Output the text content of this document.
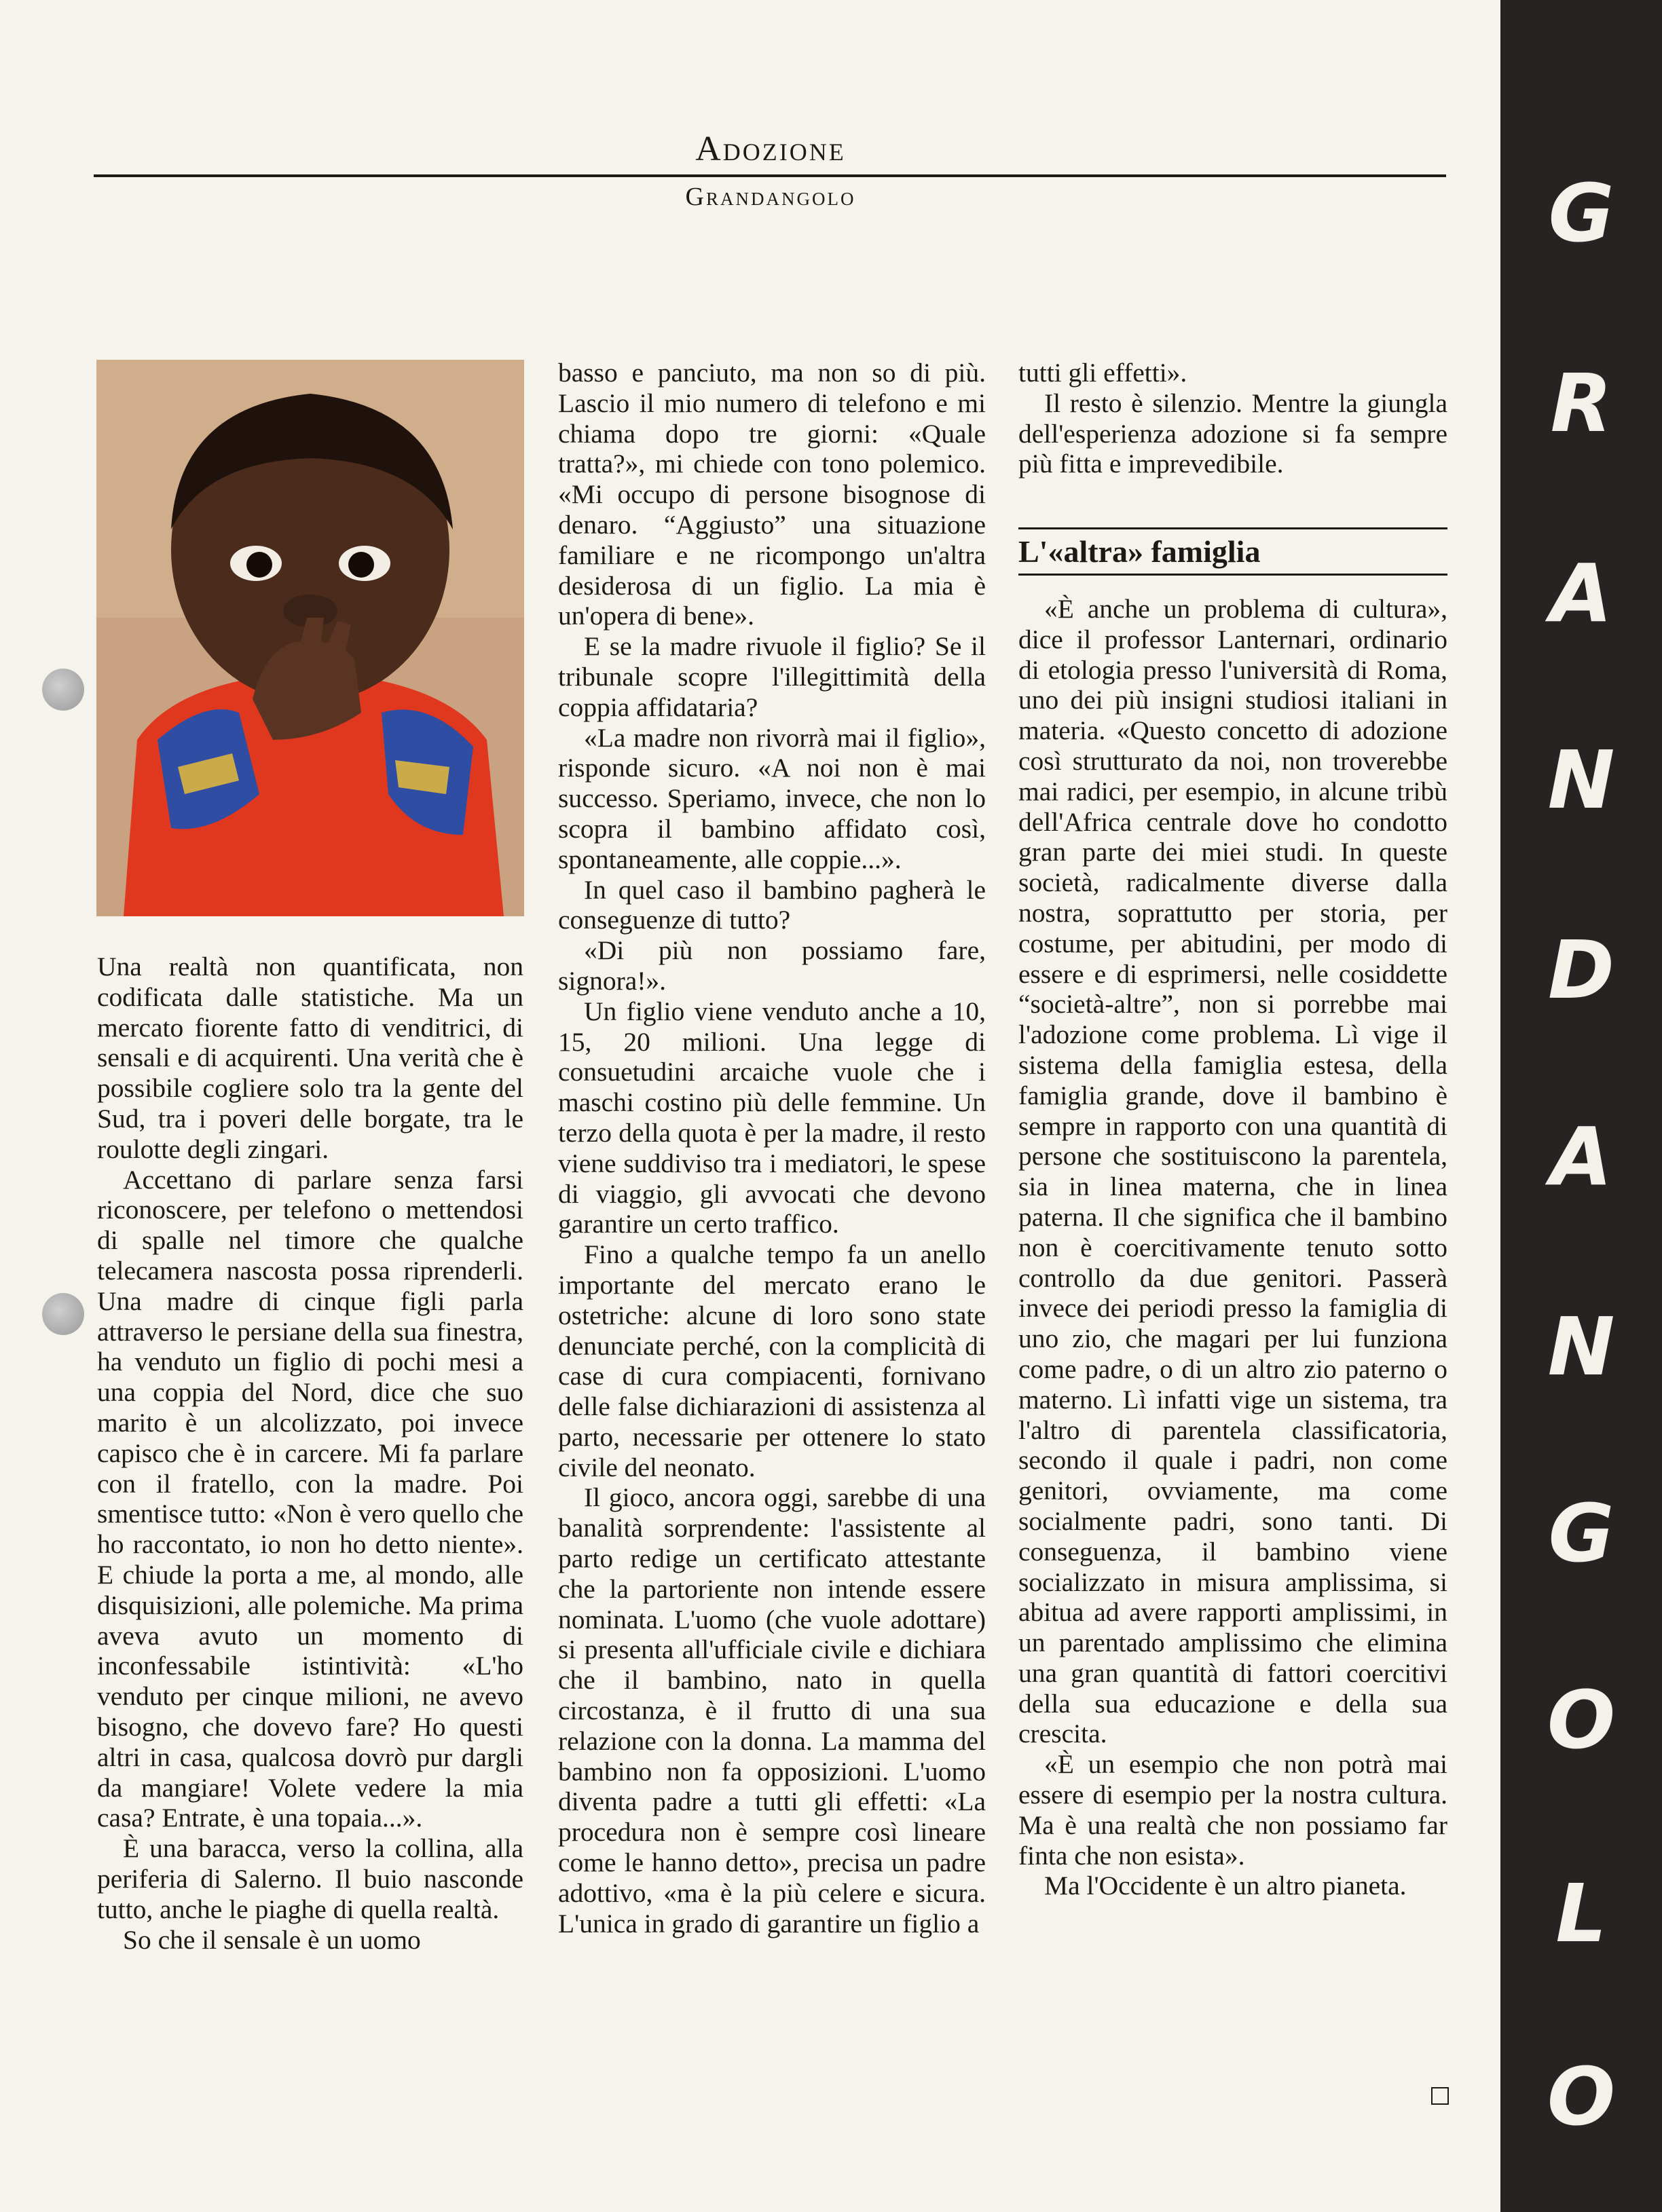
Adozione
Grandangolo

Una realtà non quantificata, non codificata dalle statistiche. Ma un mercato fiorente fatto di venditrici, di sensali e di acquirenti. Una verità che è possibile cogliere solo tra la gente del Sud, tra i poveri delle borgate, tra le roulotte degli zingari.

Accettano di parlare senza farsi riconoscere, per telefono o mettendosi di spalle nel timore che qualche telecamera nascosta possa riprenderli. Una madre di cinque figli parla attraverso le persiane della sua finestra, ha venduto un figlio di pochi mesi a una coppia del Nord, dice che suo marito è un alcolizzato, poi invece capisco che è in carcere. Mi fa parlare con il fratello, con la madre. Poi smentisce tutto: «Non è vero quello che ho raccontato, io non ho detto niente». E chiude la porta a me, al mondo, alle disquisizioni, alle polemiche. Ma prima aveva avuto un momento di inconfessabile istintività: «L'ho venduto per cinque milioni, ne avevo bisogno, che dovevo fare? Ho questi altri in casa, qualcosa dovrò pur dargli da mangiare! Volete vedere la mia casa? Entrate, è una topaia...».

È una baracca, verso la collina, alla periferia di Salerno. Il buio nasconde tutto, anche le piaghe di quella realtà.

So che il sensale è un uomo

basso e panciuto, ma non so di più. Lascio il mio numero di telefono e mi chiama dopo tre giorni: «Quale tratta?», mi chiede con tono polemico. «Mi occupo di persone bisognose di denaro. “Aggiusto” una situazione familiare e ne ricompongo un'altra desiderosa di un figlio. La mia è un'opera di bene».

E se la madre rivuole il figlio? Se il tribunale scopre l'illegittimità della coppia affidataria?

«La madre non rivorrà mai il figlio», risponde sicuro. «A noi non è mai successo. Speriamo, invece, che non lo scopra il bambino affidato così, spontaneamente, alle coppie...».

In quel caso il bambino pagherà le conseguenze di tutto?

«Di più non possiamo fare, signora!».

Un figlio viene venduto anche a 10, 15, 20 milioni. Una legge di consuetudini arcaiche vuole che i maschi costino più delle femmine. Un terzo della quota è per la madre, il resto viene suddiviso tra i mediatori, le spese di viaggio, gli avvocati che devono garantire un certo traffico.

Fino a qualche tempo fa un anello importante del mercato erano le ostetriche: alcune di loro sono state denunciate perché, con la complicità di case di cura compiacenti, fornivano delle false dichiarazioni di assistenza al parto, necessarie per ottenere lo stato civile del neonato.

Il gioco, ancora oggi, sarebbe di una banalità sorprendente: l'assistente al parto redige un certificato attestante che la partoriente non intende essere nominata. L'uomo (che vuole adottare) si presenta all'ufficiale civile e dichiara che il bambino, nato in quella circostanza, è il frutto di una sua relazione con la donna. La mamma del bambino non fa opposizioni. L'uomo diventa padre a tutti gli effetti: «La procedura non è sempre così lineare come le hanno detto», precisa un padre adottivo, «ma è la più celere e sicura. L'unica in grado di garantire un figlio a

tutti gli effetti».

Il resto è silenzio. Mentre la giungla dell'esperienza adozione si fa sempre più fitta e imprevedibile.

L'«altra» famiglia

«È anche un problema di cultura», dice il professor Lanternari, ordinario di etologia presso l'università di Roma, uno dei più insigni studiosi italiani in materia. «Questo concetto di adozione così strutturato da noi, non troverebbe mai radici, per esempio, in alcune tribù dell'Africa centrale dove ho condotto gran parte dei miei studi. In queste società, radicalmente diverse dalla nostra, soprattutto per storia, per costume, per abitudini, per modo di essere e di esprimersi, nelle cosiddette “società-altre”, non si porrebbe mai l'adozione come problema. Lì vige il sistema della famiglia estesa, della famiglia grande, dove il bambino è sempre in rapporto con una quantità di persone che sostituiscono la parentela, sia in linea materna, che in linea paterna. Il che significa che il bambino non è coercitivamente tenuto sotto controllo da due genitori. Passerà invece dei periodi presso la famiglia di uno zio, che magari per lui funziona come padre, o di un altro zio paterno o materno. Lì infatti vige un sistema, tra l'altro di parentela classificatoria, secondo il quale i padri, non come genitori, ovviamente, ma come socialmente padri, sono tanti. Di conseguenza, il bambino viene socializzato in misura amplissima, si abitua ad avere rapporti amplissimi, in un parentado amplissimo che elimina una gran quantità di fattori coercitivi della sua educazione e della sua crescita.

«È un esempio che non potrà mai essere di esempio per la nostra cultura. Ma è una realtà che non possiamo far finta che non esista».

Ma l'Occidente è un altro pianeta.

G
R
A
N
D
A
N
G
O
L
O
